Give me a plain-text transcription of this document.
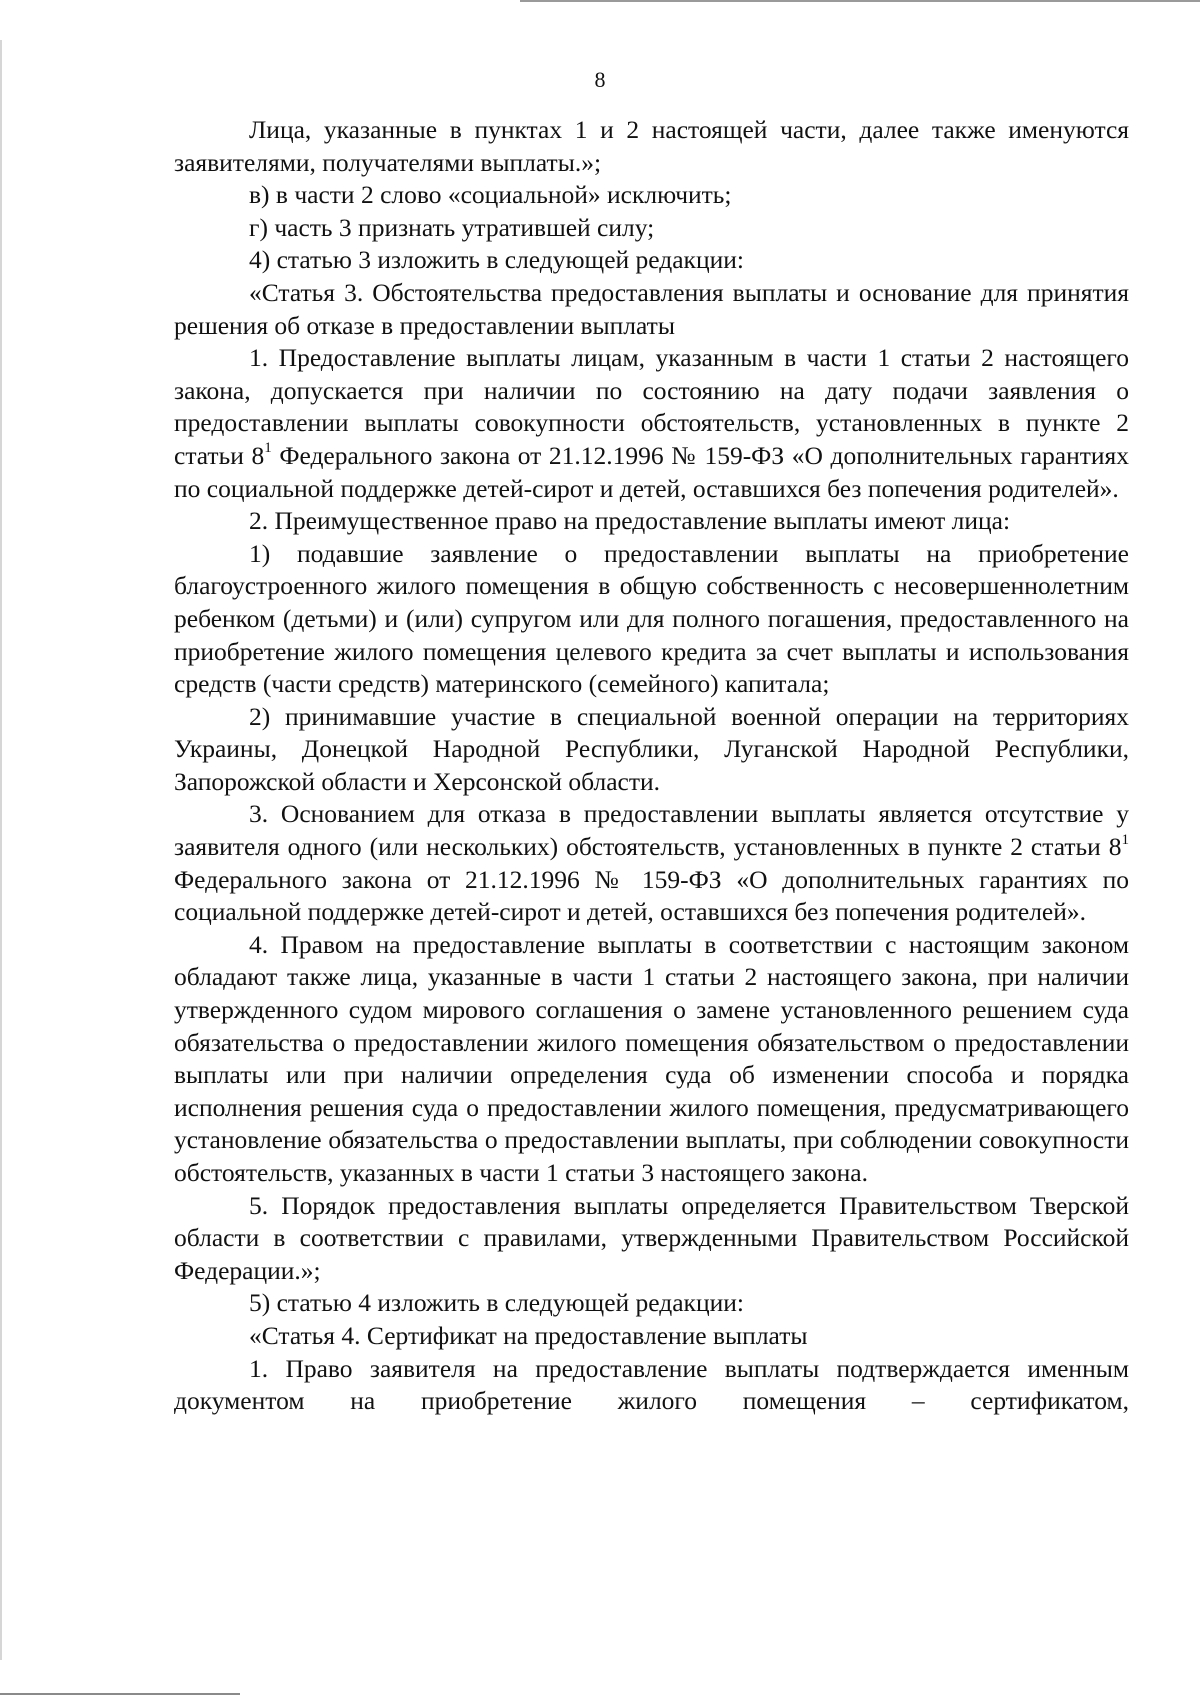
8

Лица, указанные в пунктах 1 и 2 настоящей части, далее также именуются заявителями, получателями выплаты.»;

в) в части 2 слово «социальной» исключить;

г) часть 3 признать утратившей силу;

4) статью 3 изложить в следующей редакции:

«Статья 3. Обстоятельства предоставления выплаты и основание для принятия решения об отказе в предоставлении выплаты

1. Предоставление выплаты лицам, указанным в части 1 статьи 2 настоящего закона, допускается при наличии по состоянию на дату подачи заявления о предоставлении выплаты совокупности обстоятельств, установленных в пункте 2 статьи $8^1$ Федерального закона от 21.12.1996 № 159-ФЗ «О дополнительных гарантиях по социальной поддержке детей-сирот и детей, оставшихся без попечения родителей».

2. Преимущественное право на предоставление выплаты имеют лица:

1) подавшие заявление о предоставлении выплаты на приобретение благоустроенного жилого помещения в общую собственность с несовершеннолетним ребенком (детьми) и (или) супругом или для полного погашения, предоставленного на приобретение жилого помещения целевого кредита за счет выплаты и использования средств (части средств) материнского (семейного) капитала;

2) принимавшие участие в специальной военной операции на территориях Украины, Донецкой Народной Республики, Луганской Народной Республики, Запорожской области и Херсонской области.

3. Основанием для отказа в предоставлении выплаты является отсутствие у заявителя одного (или нескольких) обстоятельств, установленных в пункте 2 статьи $8^1$ Федерального закона от 21.12.1996 № 159-ФЗ «О дополнительных гарантиях по социальной поддержке детей-сирот и детей, оставшихся без попечения родителей».

4. Правом на предоставление выплаты в соответствии с настоящим законом обладают также лица, указанные в части 1 статьи 2 настоящего закона, при наличии утвержденного судом мирового соглашения о замене установленного решением суда обязательства о предоставлении жилого помещения обязательством о предоставлении выплаты или при наличии определения суда об изменении способа и порядка исполнения решения суда о предоставлении жилого помещения, предусматривающего установление обязательства о предоставлении выплаты, при соблюдении совокупности обстоятельств, указанных в части 1 статьи 3 настоящего закона.

5. Порядок предоставления выплаты определяется Правительством Тверской области в соответствии с правилами, утвержденными Правительством Российской Федерации.»;

5) статью 4 изложить в следующей редакции:

«Статья 4. Сертификат на предоставление выплаты

1. Право заявителя на предоставление выплаты подтверждается именным документом на приобретение жилого помещения – сертификатом,
